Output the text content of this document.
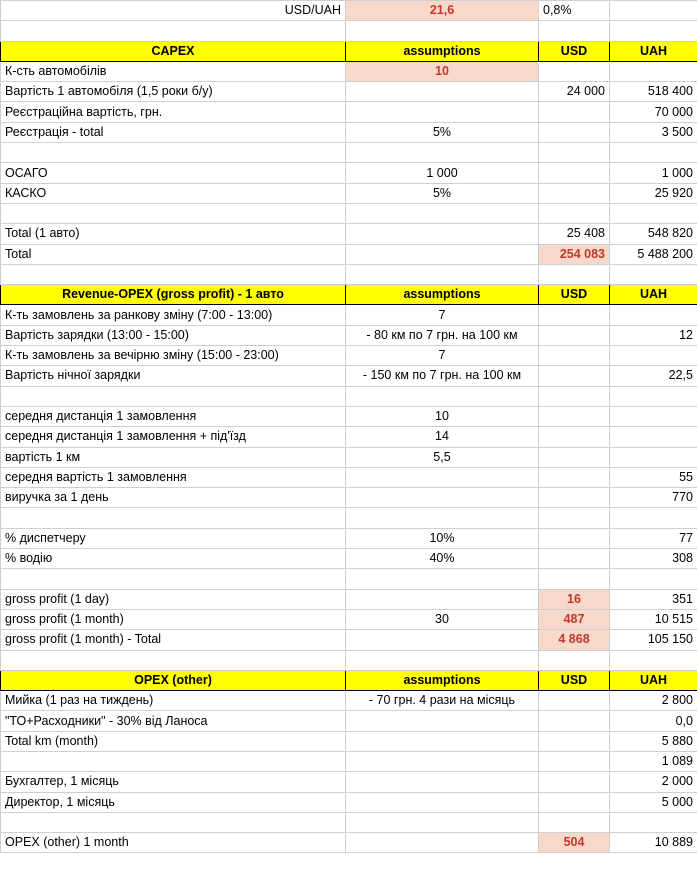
USD/UAH	21,6	0,8%	

CAPEX	assumptions	USD	UAH
К-сть автомобілів	10		
Вартість 1 автомобіля (1,5 роки б/у)		24 000	518 400
Реєстраційна вартість, грн.			70 000
Реєстрація - total	5%		3 500

ОСАГО	1 000		1 000
КАСКО	5%		25 920

Total (1 авто)		25 408	548 820
Total		254 083	5 488 200

Revenue-OPEX (gross profit) - 1 авто	assumptions	USD	UAH
К-ть замовлень за ранкову зміну (7:00 - 13:00)	7		
Вартість зарядки (13:00 - 15:00)	- 80 км по 7 грн. на 100 км		12
К-ть замовлень за вечірню зміну (15:00 - 23:00)	7		
Вартість нічної зарядки	- 150 км по 7 грн. на 100 км		22,5

середня дистанція 1 замовлення	10		
середня дистанція 1 замовлення + під'їзд	14		
вартість 1 км	5,5		
середня вартість 1 замовлення			55
виручка за 1 день			770

% диспетчеру	10%		77
% водію	40%		308

gross profit (1 day)		16	351
gross profit (1 month)	30	487	10 515
gross profit (1 month) - Total		4 868	105 150

OPEX (other)	assumptions	USD	UAH
Мийка (1 раз на тиждень)	- 70 грн. 4 рази на місяць		2 800
"ТО+Расходники" - 30% від Ланоса			0,0
Total km (month)			5 880
			1 089
Бухгалтер, 1 місяць			2 000
Директор, 1 місяць			5 000

OPEX (other) 1 month		504	10 889
